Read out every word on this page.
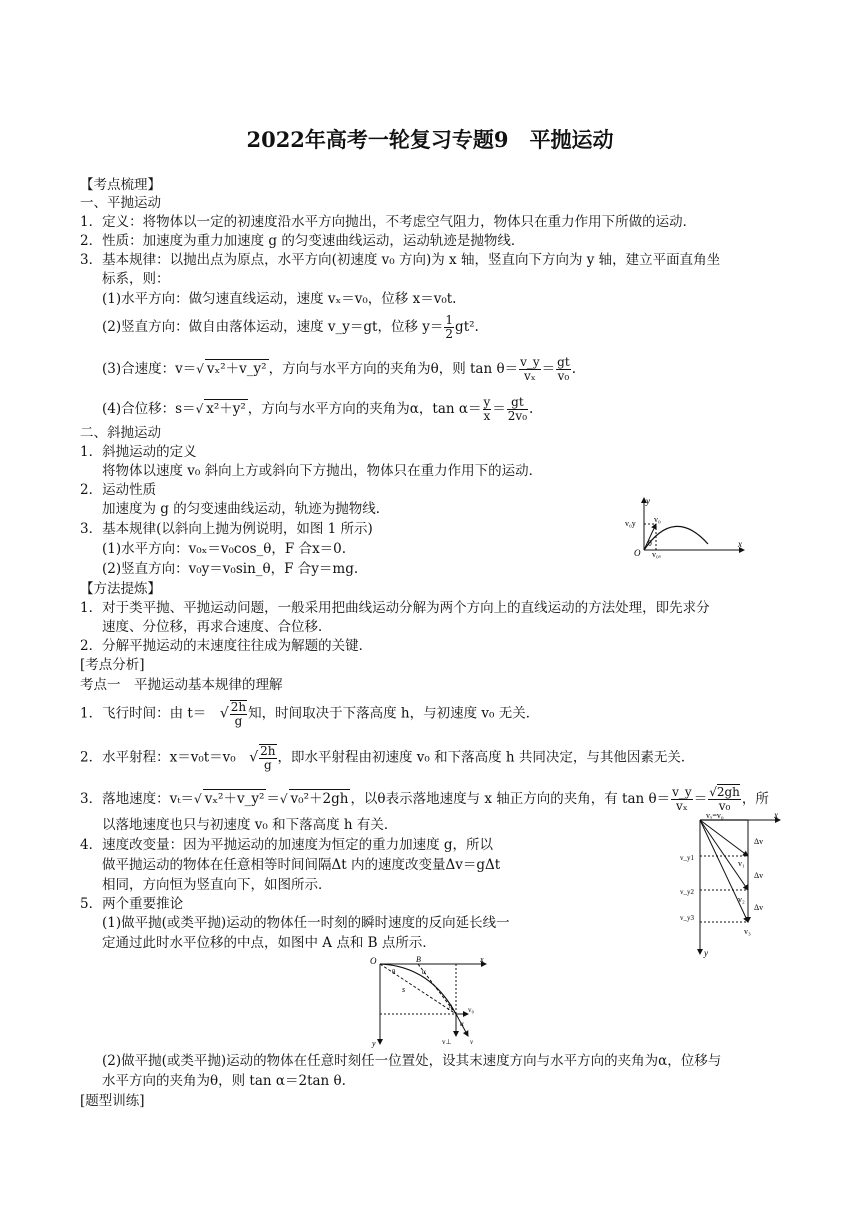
2022年高考一轮复习专题9　平抛运动
【考点梳理】
一、平抛运动
1．定义：将物体以一定的初速度沿水平方向抛出，不考虑空气阻力，物体只在重力作用下所做的运动．
2．性质：加速度为重力加速度 g 的匀变速曲线运动，运动轨迹是抛物线．
3．基本规律：以抛出点为原点，水平方向(初速度 v₀ 方向)为 x 轴，竖直向下方向为 y 轴，建立平面直角坐
标系，则：
(1)水平方向：做匀速直线运动，速度 vₓ＝v₀，位移 x＝v₀t.
(2)竖直方向：做自由落体运动，速度 v_y＝gt，位移 $y= \frac{1}{2} gt^2$.
(3)合速度：v＝√ vₓ²＋v_y² ，方向与水平方向的夹角为θ，则 $\tan \theta= \frac{v\_y}{\text{vₓ}} = \frac{gt}{\text{v₀}}$ .
(4)合位移：s＝√ x²＋y² ，方向与水平方向的夹角为α，$\tan \alpha= \frac{y}{x} = \frac{gt}{\text{2v₀}}$ .
二、斜抛运动
1．斜抛运动的定义
将物体以速度 v₀ 斜向上方或斜向下方抛出，物体只在重力作用下的运动．
2．运动性质
加速度为 g 的匀变速曲线运动，轨迹为抛物线．
3．基本规律(以斜向上抛为例说明，如图 1 所示)
(1)水平方向：v₀ₓ＝v₀cos_θ，F 合x＝0.
(2)竖直方向：v₀y＝v₀sin_θ，F 合y＝mg.
y
v₀y v₀
O
θ
v₀ₓ
x
【方法提炼】
1．对于类平抛、平抛运动问题，一般采用把曲线运动分解为两个方向上的直线运动的方法处理，即先求分
速度、分位移，再求合速度、合位移．
2．分解平抛运动的末速度往往成为解题的关键．
[考点分析]
考点一　平抛运动基本规律的理解
1．飞行时间：由 t＝　 √ $\frac{2h}{g}$ 知，时间取决于下落高度 h，与初速度 v₀ 无关．
2．水平射程：x＝v₀t＝v₀　 √ $\frac{2h}{g}$ ，即水平射程由初速度 v₀ 和下落高度 h 共同决定，与其他因素无关．
3．落地速度：vₜ＝√ vₓ²＋v_y² ＝√ v₀²＋2gh ，以θ表示落地速度与 x 轴正方向的夹角，有 $\tan \theta= \frac{v\_y}{\text{vₓ}} = \frac{√2gh}{\text{v₀}}$ ，所
以落地速度也只与初速度 v₀ 和下落高度 h 有关．
4．速度改变量：因为平抛运动的加速度为恒定的重力加速度 g，所以
做平抛运动的物体在任意相等时间间隔Δt 内的速度改变量Δv＝gΔt
相同，方向恒为竖直向下，如图所示．
5．两个重要推论
(1)做平抛(或类平抛)运动的物体任一时刻的瞬时速度的反向延长线一
定通过此时水平位移的中点，如图中 A 点和 B 点所示．
vₓ=v₀	x
Δv
v₁
v_y1
Δv
v_y2
v₂
Δv
v_y3
v₃
y
O
θ
B
α
s
A v₀
α
v
v⊥
x
y
(2)做平抛(或类平抛)运动的物体在任意时刻任一位置处，设其末速度方向与水平方向的夹角为α，位移与
水平方向的夹角为θ，则 tan α＝2tan θ.
[题型训练]
